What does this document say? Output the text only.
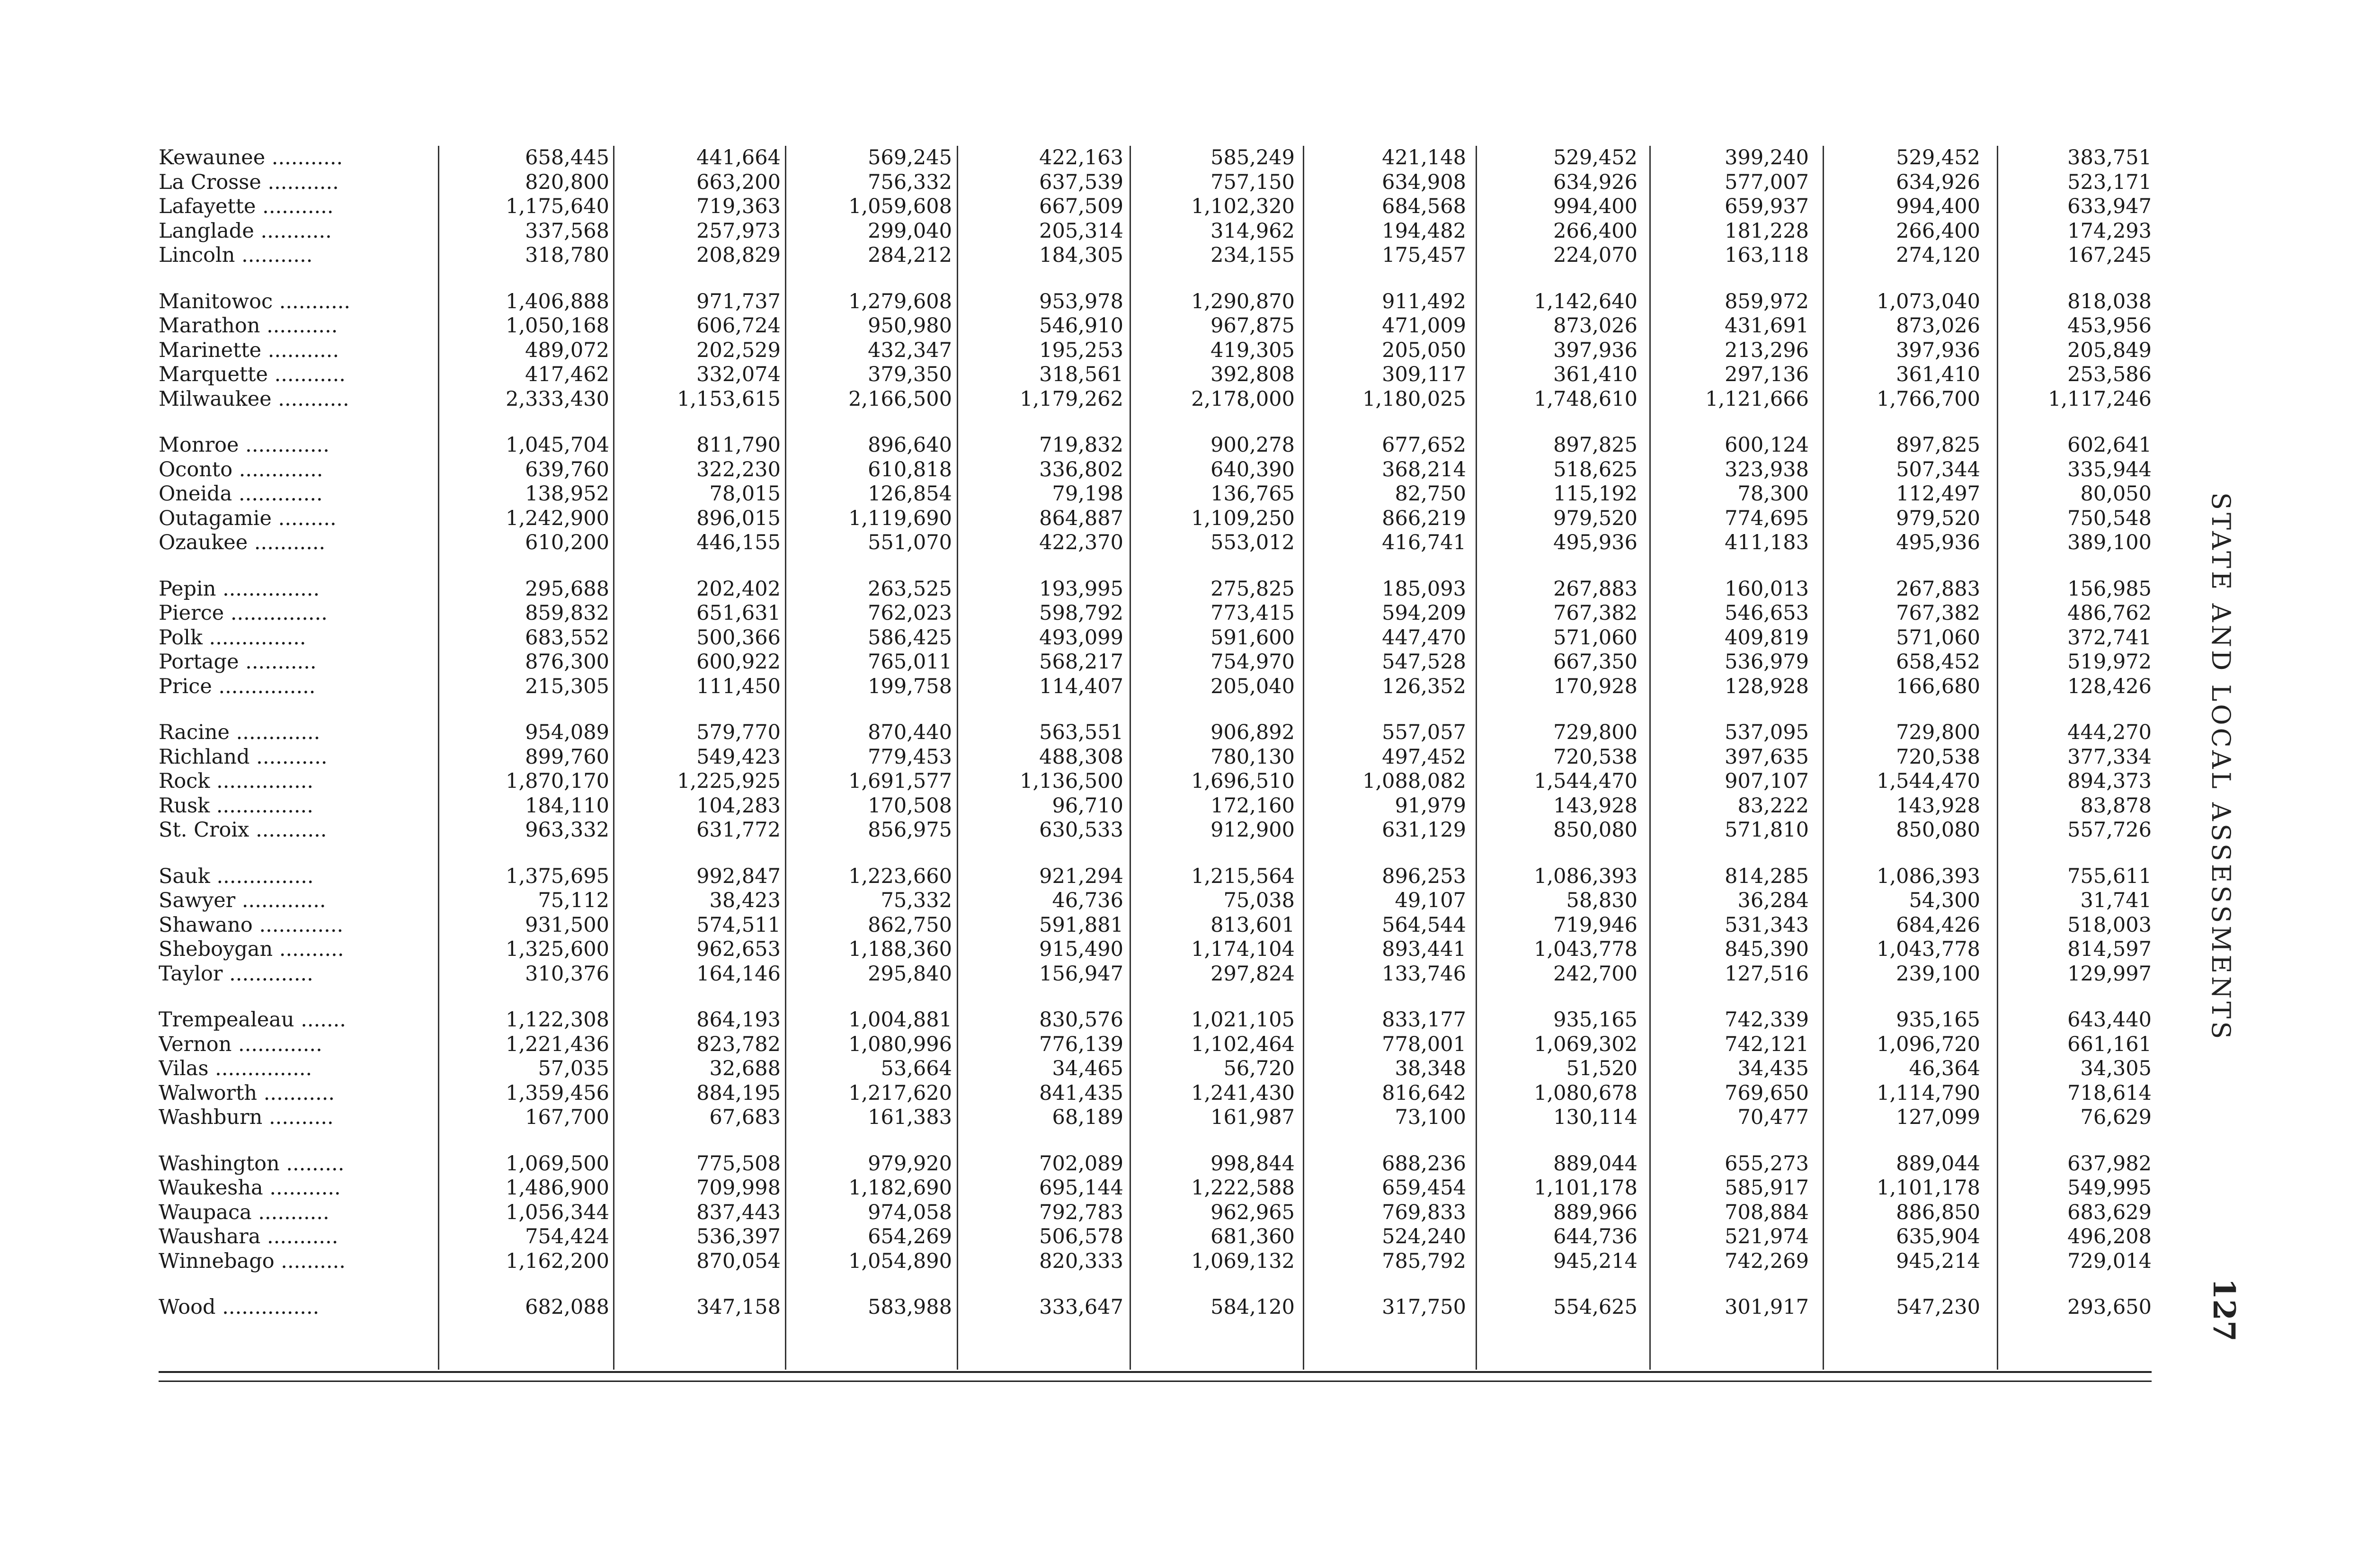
Kewaunee ...........	658,445	441,664	569,245	422,163	585,249	421,148	529,452	399,240	529,452	383,751
La Crosse ...........	820,800	663,200	756,332	637,539	757,150	634,908	634,926	577,007	634,926	523,171
Lafayette ...........	1,175,640	719,363	1,059,608	667,509	1,102,320	684,568	994,400	659,937	994,400	633,947
Langlade ...........	337,568	257,973	299,040	205,314	314,962	194,482	266,400	181,228	266,400	174,293
Lincoln ...........	318,780	208,829	284,212	184,305	234,155	175,457	224,070	163,118	274,120	167,245
Manitowoc ...........	1,406,888	971,737	1,279,608	953,978	1,290,870	911,492	1,142,640	859,972	1,073,040	818,038
Marathon ...........	1,050,168	606,724	950,980	546,910	967,875	471,009	873,026	431,691	873,026	453,956
Marinette ...........	489,072	202,529	432,347	195,253	419,305	205,050	397,936	213,296	397,936	205,849
Marquette ...........	417,462	332,074	379,350	318,561	392,808	309,117	361,410	297,136	361,410	253,586
Milwaukee ...........	2,333,430	1,153,615	2,166,500	1,179,262	2,178,000	1,180,025	1,748,610	1,121,666	1,766,700	1,117,246
Monroe .............	1,045,704	811,790	896,640	719,832	900,278	677,652	897,825	600,124	897,825	602,641
Oconto .............	639,760	322,230	610,818	336,802	640,390	368,214	518,625	323,938	507,344	335,944
Oneida .............	138,952	78,015	126,854	79,198	136,765	82,750	115,192	78,300	112,497	80,050
Outagamie .........	1,242,900	896,015	1,119,690	864,887	1,109,250	866,219	979,520	774,695	979,520	750,548
Ozaukee ...........	610,200	446,155	551,070	422,370	553,012	416,741	495,936	411,183	495,936	389,100
Pepin ...............	295,688	202,402	263,525	193,995	275,825	185,093	267,883	160,013	267,883	156,985
Pierce ...............	859,832	651,631	762,023	598,792	773,415	594,209	767,382	546,653	767,382	486,762
Polk ...............	683,552	500,366	586,425	493,099	591,600	447,470	571,060	409,819	571,060	372,741
Portage ...........	876,300	600,922	765,011	568,217	754,970	547,528	667,350	536,979	658,452	519,972
Price ...............	215,305	111,450	199,758	114,407	205,040	126,352	170,928	128,928	166,680	128,426
Racine .............	954,089	579,770	870,440	563,551	906,892	557,057	729,800	537,095	729,800	444,270
Richland ...........	899,760	549,423	779,453	488,308	780,130	497,452	720,538	397,635	720,538	377,334
Rock ...............	1,870,170	1,225,925	1,691,577	1,136,500	1,696,510	1,088,082	1,544,470	907,107	1,544,470	894,373
Rusk ...............	184,110	104,283	170,508	96,710	172,160	91,979	143,928	83,222	143,928	83,878
St. Croix ...........	963,332	631,772	856,975	630,533	912,900	631,129	850,080	571,810	850,080	557,726
Sauk ...............	1,375,695	992,847	1,223,660	921,294	1,215,564	896,253	1,086,393	814,285	1,086,393	755,611
Sawyer .............	75,112	38,423	75,332	46,736	75,038	49,107	58,830	36,284	54,300	31,741
Shawano .............	931,500	574,511	862,750	591,881	813,601	564,544	719,946	531,343	684,426	518,003
Sheboygan ..........	1,325,600	962,653	1,188,360	915,490	1,174,104	893,441	1,043,778	845,390	1,043,778	814,597
Taylor .............	310,376	164,146	295,840	156,947	297,824	133,746	242,700	127,516	239,100	129,997
Trempealeau .......	1,122,308	864,193	1,004,881	830,576	1,021,105	833,177	935,165	742,339	935,165	643,440
Vernon .............	1,221,436	823,782	1,080,996	776,139	1,102,464	778,001	1,069,302	742,121	1,096,720	661,161
Vilas ...............	57,035	32,688	53,664	34,465	56,720	38,348	51,520	34,435	46,364	34,305
Walworth ...........	1,359,456	884,195	1,217,620	841,435	1,241,430	816,642	1,080,678	769,650	1,114,790	718,614
Washburn ..........	167,700	67,683	161,383	68,189	161,987	73,100	130,114	70,477	127,099	76,629
Washington .........	1,069,500	775,508	979,920	702,089	998,844	688,236	889,044	655,273	889,044	637,982
Waukesha ...........	1,486,900	709,998	1,182,690	695,144	1,222,588	659,454	1,101,178	585,917	1,101,178	549,995
Waupaca ...........	1,056,344	837,443	974,058	792,783	962,965	769,833	889,966	708,884	886,850	683,629
Waushara ...........	754,424	536,397	654,269	506,578	681,360	524,240	644,736	521,974	635,904	496,208
Winnebago ..........	1,162,200	870,054	1,054,890	820,333	1,069,132	785,792	945,214	742,269	945,214	729,014
Wood ...............	682,088	347,158	583,988	333,647	584,120	317,750	554,625	301,917	547,230	293,650
STATE AND LOCAL ASSESSMENTS
127
